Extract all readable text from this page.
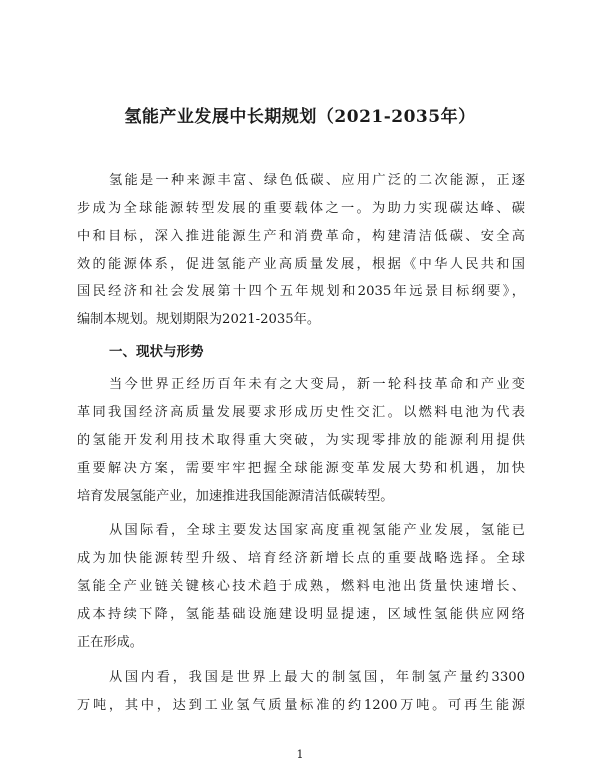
氢能产业发展中长期规划（2021-2035年）
氢能是一种来源丰富、绿色低碳、应用广泛的二次能源，正逐
步成为全球能源转型发展的重要载体之一。为助力实现碳达峰、碳
中和目标，深入推进能源生产和消费革命，构建清洁低碳、安全高
效的能源体系，促进氢能产业高质量发展，根据《中华人民共和国
国民经济和社会发展第十四个五年规划和2035年远景目标纲要》，
编制本规划。规划期限为2021-2035年。
当今世界正经历百年未有之大变局，新一轮科技革命和产业变
革同我国经济高质量发展要求形成历史性交汇。以燃料电池为代表
的氢能开发利用技术取得重大突破，为实现零排放的能源利用提供
重要解决方案，需要牢牢把握全球能源变革发展大势和机遇，加快
培育发展氢能产业，加速推进我国能源清洁低碳转型。
从国际看，全球主要发达国家高度重视氢能产业发展，氢能已
成为加快能源转型升级、培育经济新增长点的重要战略选择。全球
氢能全产业链关键核心技术趋于成熟，燃料电池出货量快速增长、
成本持续下降，氢能基础设施建设明显提速，区域性氢能供应网络
正在形成。
从国内看，我国是世界上最大的制氢国，年制氢产量约3300
万吨，其中，达到工业氢气质量标准的约1200万吨。可再生能源
一、现状与形势
1
